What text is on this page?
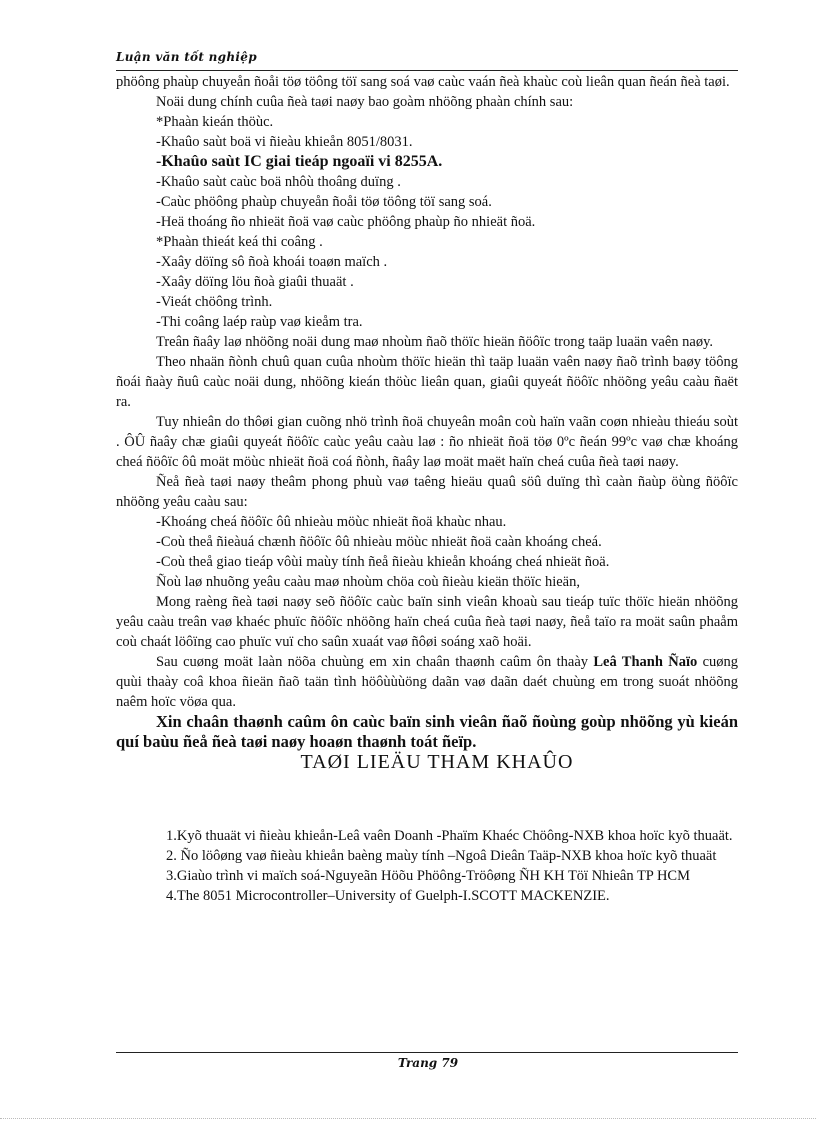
Luận văn tốt nghiệp

phöông phaùp chuyeån ñoåi töø töông töï sang soá vaø caùc vaán ñeà khaùc coù lieân quan ñeán ñeà taøi.

Noäi dung chính cuûa ñeà taøi naøy bao goàm nhöõng phaàn chính sau:

*Phaàn kieán thöùc.

-Khaûo saùt boä vi ñieàu khieån 8051/8031.

-Khaûo saùt IC giai tieáp ngoaïi vi 8255A.

-Khaûo saùt caùc boä nhôù thoâng duïng .

-Caùc phöông phaùp chuyeån ñoåi töø töông töï sang soá.

-Heä thoáng ño nhieät ñoä vaø caùc phöông phaùp ño nhieät ñoä.

*Phaàn thieát keá thi coâng .

-Xaây döïng sô ñoà khoái toaøn maïch .

-Xaây döïng löu ñoà giaûi thuaät .

-Vieát chöông trình.

-Thi coâng laép raùp vaø kieåm tra.

Treân ñaây laø nhöõng noäi dung maø nhoùm ñaõ thöïc hieän ñöôïc trong taäp luaän vaên naøy.

Theo nhaän ñònh chuû quan cuûa nhoùm thöïc hieän thì taäp luaän vaên naøy ñaõ trình baøy töông ñoái ñaày ñuû caùc noäi dung, nhöõng kieán thöùc lieân quan, giaûi quyeát ñöôïc nhöõng yeâu caàu ñaët ra.

Tuy nhieân do thôøi gian cuõng nhö trình ñoä chuyeân moân coù haïn vaãn coøn nhieàu thieáu soùt . ÔÛ ñaây chæ giaûi quyeát ñöôïc caùc yeâu caàu laø : ño nhieät ñoä töø 0ºc ñeán 99ºc vaø chæ khoáng cheá ñöôïc ôû moät möùc nhieät ñoä coá ñònh, ñaây laø moät maët haïn cheá cuûa ñeà taøi naøy.

Ñeå ñeà taøi naøy theâm phong phuù vaø taêng hieäu quaû söû duïng thì caàn ñaùp öùng ñöôïc nhöõng yeâu caàu sau:

-Khoáng cheá ñöôïc ôû nhieàu möùc nhieät ñoä khaùc nhau.

-Coù theå ñieàuá chænh ñöôïc ôû nhieàu möùc nhieät ñoä caàn khoáng cheá.

-Coù theå giao tieáp vôùi maùy tính ñeå ñieàu khieån khoáng cheá nhieät ñoä.

Ñoù laø nhuõng yeâu caàu maø nhoùm chöa coù ñieàu kieän thöïc hieän,

Mong raèng ñeà taøi naøy seõ ñöôïc caùc baïn sinh vieân khoaù sau tieáp tuïc thöïc hieän nhöõng yeâu caàu treân vaø khaéc phuïc ñöôïc nhöõng haïn cheá cuûa ñeà taøi naøy, ñeå taïo ra moät saûn phaåm coù chaát löôïng cao phuïc vuï cho saûn xuaát vaø ñôøi soáng xaõ hoäi.

Sau cuøng moät laàn nöõa chuùng em xin chaân thaønh caûm ôn thaày Leâ Thanh Ñaïo cuøng quùi thaày coâ khoa ñieän ñaõ taän tình höôùùùöng daãn vaø daãn daét chuùng em trong suoát nhöõng naêm hoïc vöøa qua.

Xin chaân thaønh caûm ôn caùc baïn sinh vieân ñaõ ñoùng goùp nhöõng yù kieán quí baùu ñeå ñeà taøi naøy hoaøn thaønh toát ñeïp.

TAØI LIEÄU THAM KHAÛO

1.Kyõ thuaät vi ñieàu khieån-Leâ vaên Doanh -Phaïm Khaéc Chöông-NXB khoa hoïc kyõ thuaät.

2. Ño löôøng vaø ñieàu khieån baèng maùy tính –Ngoâ Dieân Taäp-NXB khoa hoïc kyõ thuaät

3.Giaùo trình vi maïch soá-Nguyeãn Höõu Phöông-Tröôøng ÑH KH Töï Nhieân TP HCM

4.The 8051 Microcontroller–University of Guelph-I.SCOTT MACKENZIE.

Trang 79
